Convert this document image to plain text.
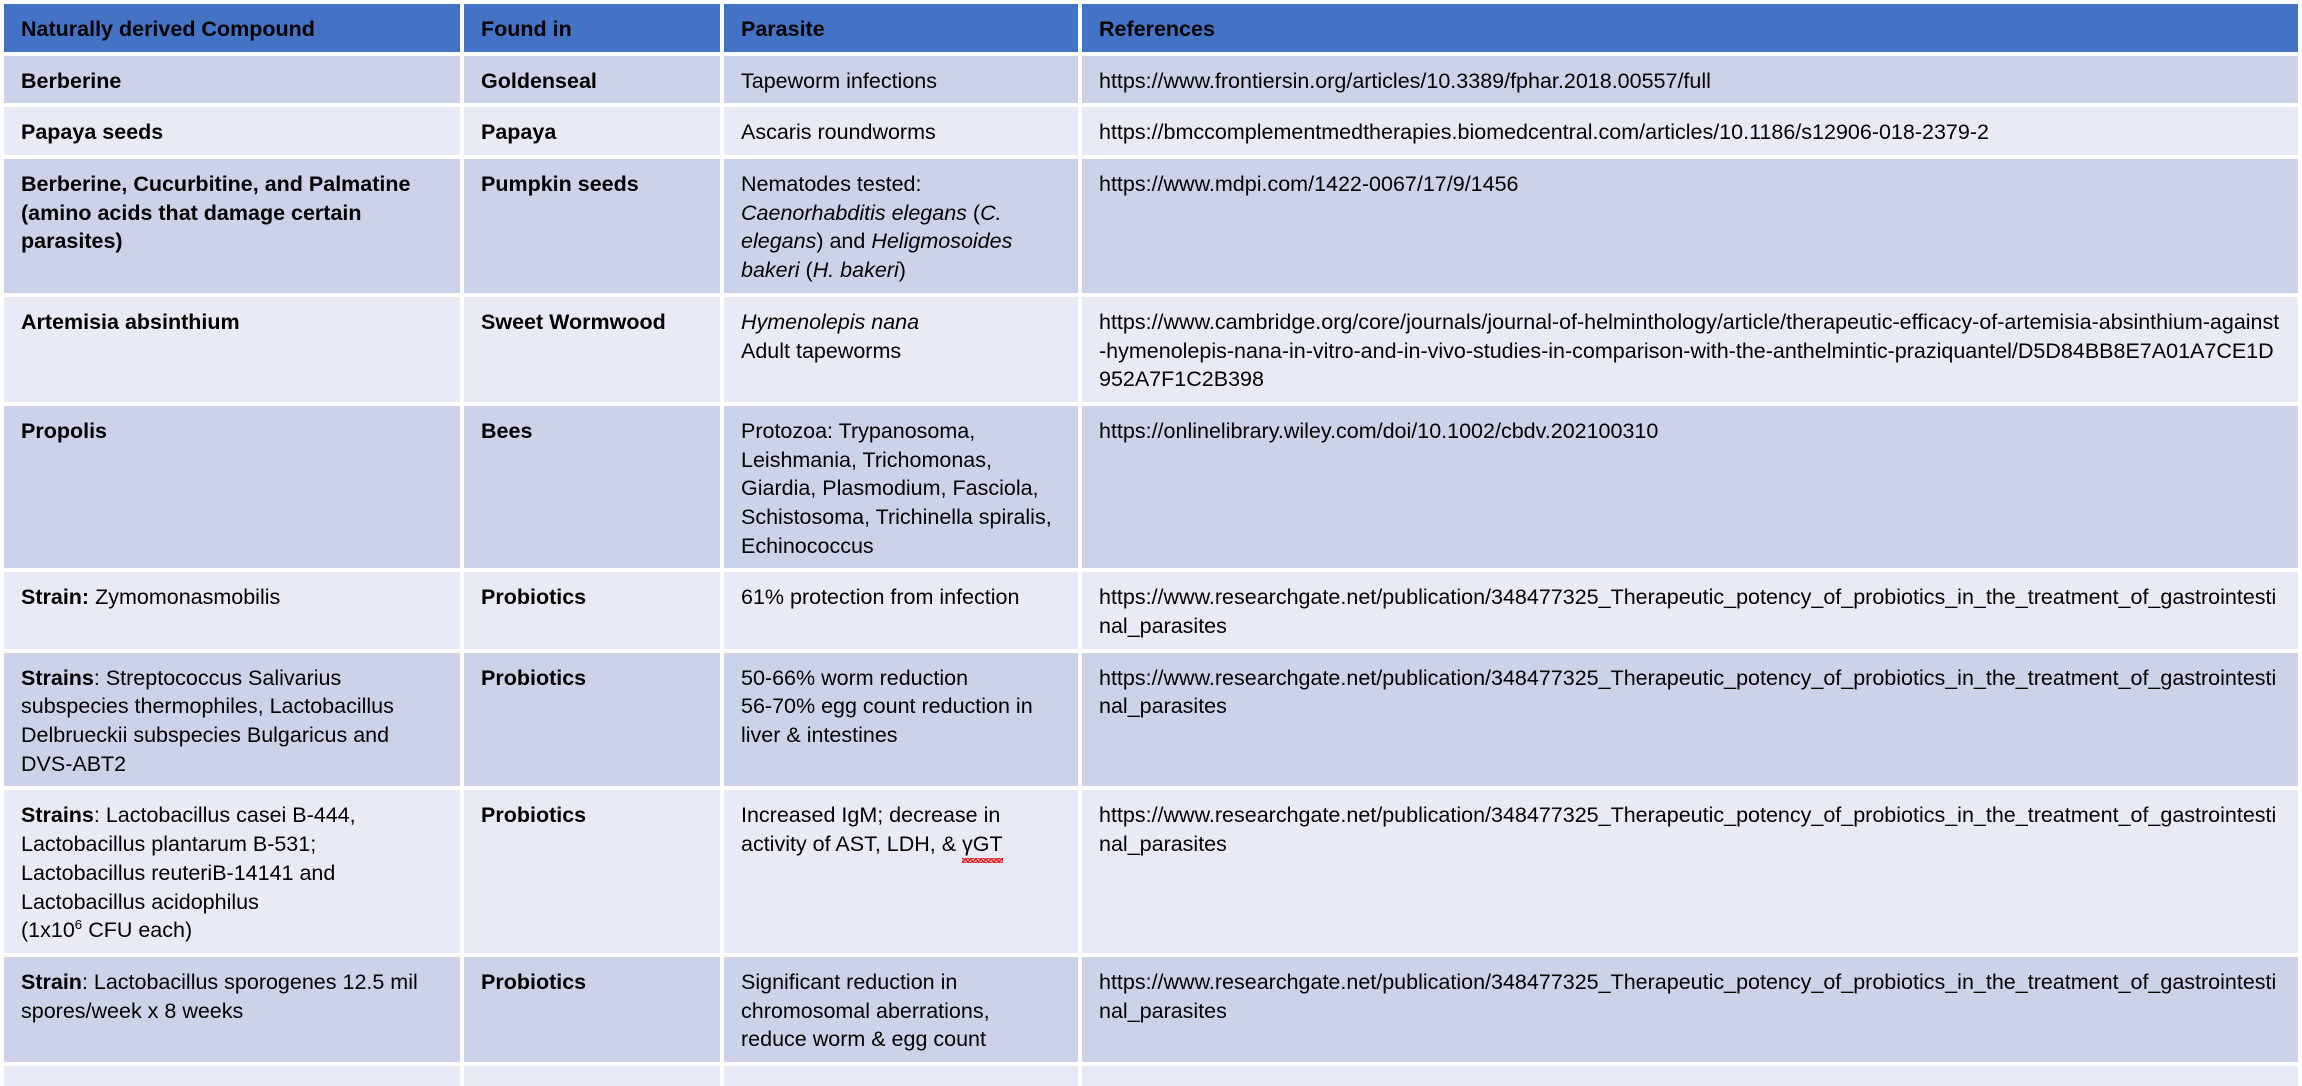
Naturally derived Compound	Found in	Parasite	References
Berberine	Goldenseal	Tapeworm infections	https://www.frontiersin.org/articles/10.3389/fphar.2018.00557/full

Papaya seeds	Papaya	Ascaris roundworms	https://bmccomplementmedtherapies.biomedcentral.com/articles/10.1186/s12906-018-2379-2

Berberine, Cucurbitine, and Palmatine
(amino acids that damage certain
parasites)	Pumpkin seeds	Nematodes tested:
Caenorhabditis elegans (C. elegans) and Heligmosoides bakeri (H. bakeri)	https://www.mdpi.com/1422-0067/17/9/1456

Artemisia absinthium	Sweet Wormwood	Hymenolepis nana
Adult tapeworms	https://www.cambridge.org/core/journals/journal-of-helminthology/article/therapeutic-efficacy-of-artemisia-absinthium-against-hymenolepis-nana-in-vitro-and-in-vivo-studies-in-comparison-with-the-anthelmintic-praziquantel/D5D84BB8E7A01A7CE1D952A7F1C2B398

Propolis	Bees	Protozoa: Trypanosoma, Leishmania, Trichomonas, Giardia, Plasmodium, Fasciola, Schistosoma, Trichinella spiralis, Echinococcus	https://onlinelibrary.wiley.com/doi/10.1002/cbdv.202100310

Strain: Zymomonasmobilis	Probiotics	61% protection from infection	https://www.researchgate.net/publication/348477325_Therapeutic_potency_of_probiotics_in_the_treatment_of_gastrointestinal_parasites

Strains: Streptococcus Salivarius subspecies thermophiles, Lactobacillus Delbrueckii subspecies Bulgaricus and DVS-ABT2	Probiotics	50-66% worm reduction
56-70% egg count reduction in
liver & intestines	https://www.researchgate.net/publication/348477325_Therapeutic_potency_of_probiotics_in_the_treatment_of_gastrointestinal_parasites

Strains: Lactobacillus casei B-444,
Lactobacillus plantarum B-531;
Lactobacillus reuteriB-14141 and
Lactobacillus acidophilus
($1x10^6$ CFU each)	Probiotics	Increased IgM; decrease in
activity of AST, LDH, & γGT	https://www.researchgate.net/publication/348477325_Therapeutic_potency_of_probiotics_in_the_treatment_of_gastrointestinal_parasites

Strain: Lactobacillus sporogenes 12.5 mil spores/week x 8 weeks	Probiotics	Significant reduction in
chromosomal aberrations,
reduce worm & egg count	https://www.researchgate.net/publication/348477325_Therapeutic_potency_of_probiotics_in_the_treatment_of_gastrointestinal_parasites
